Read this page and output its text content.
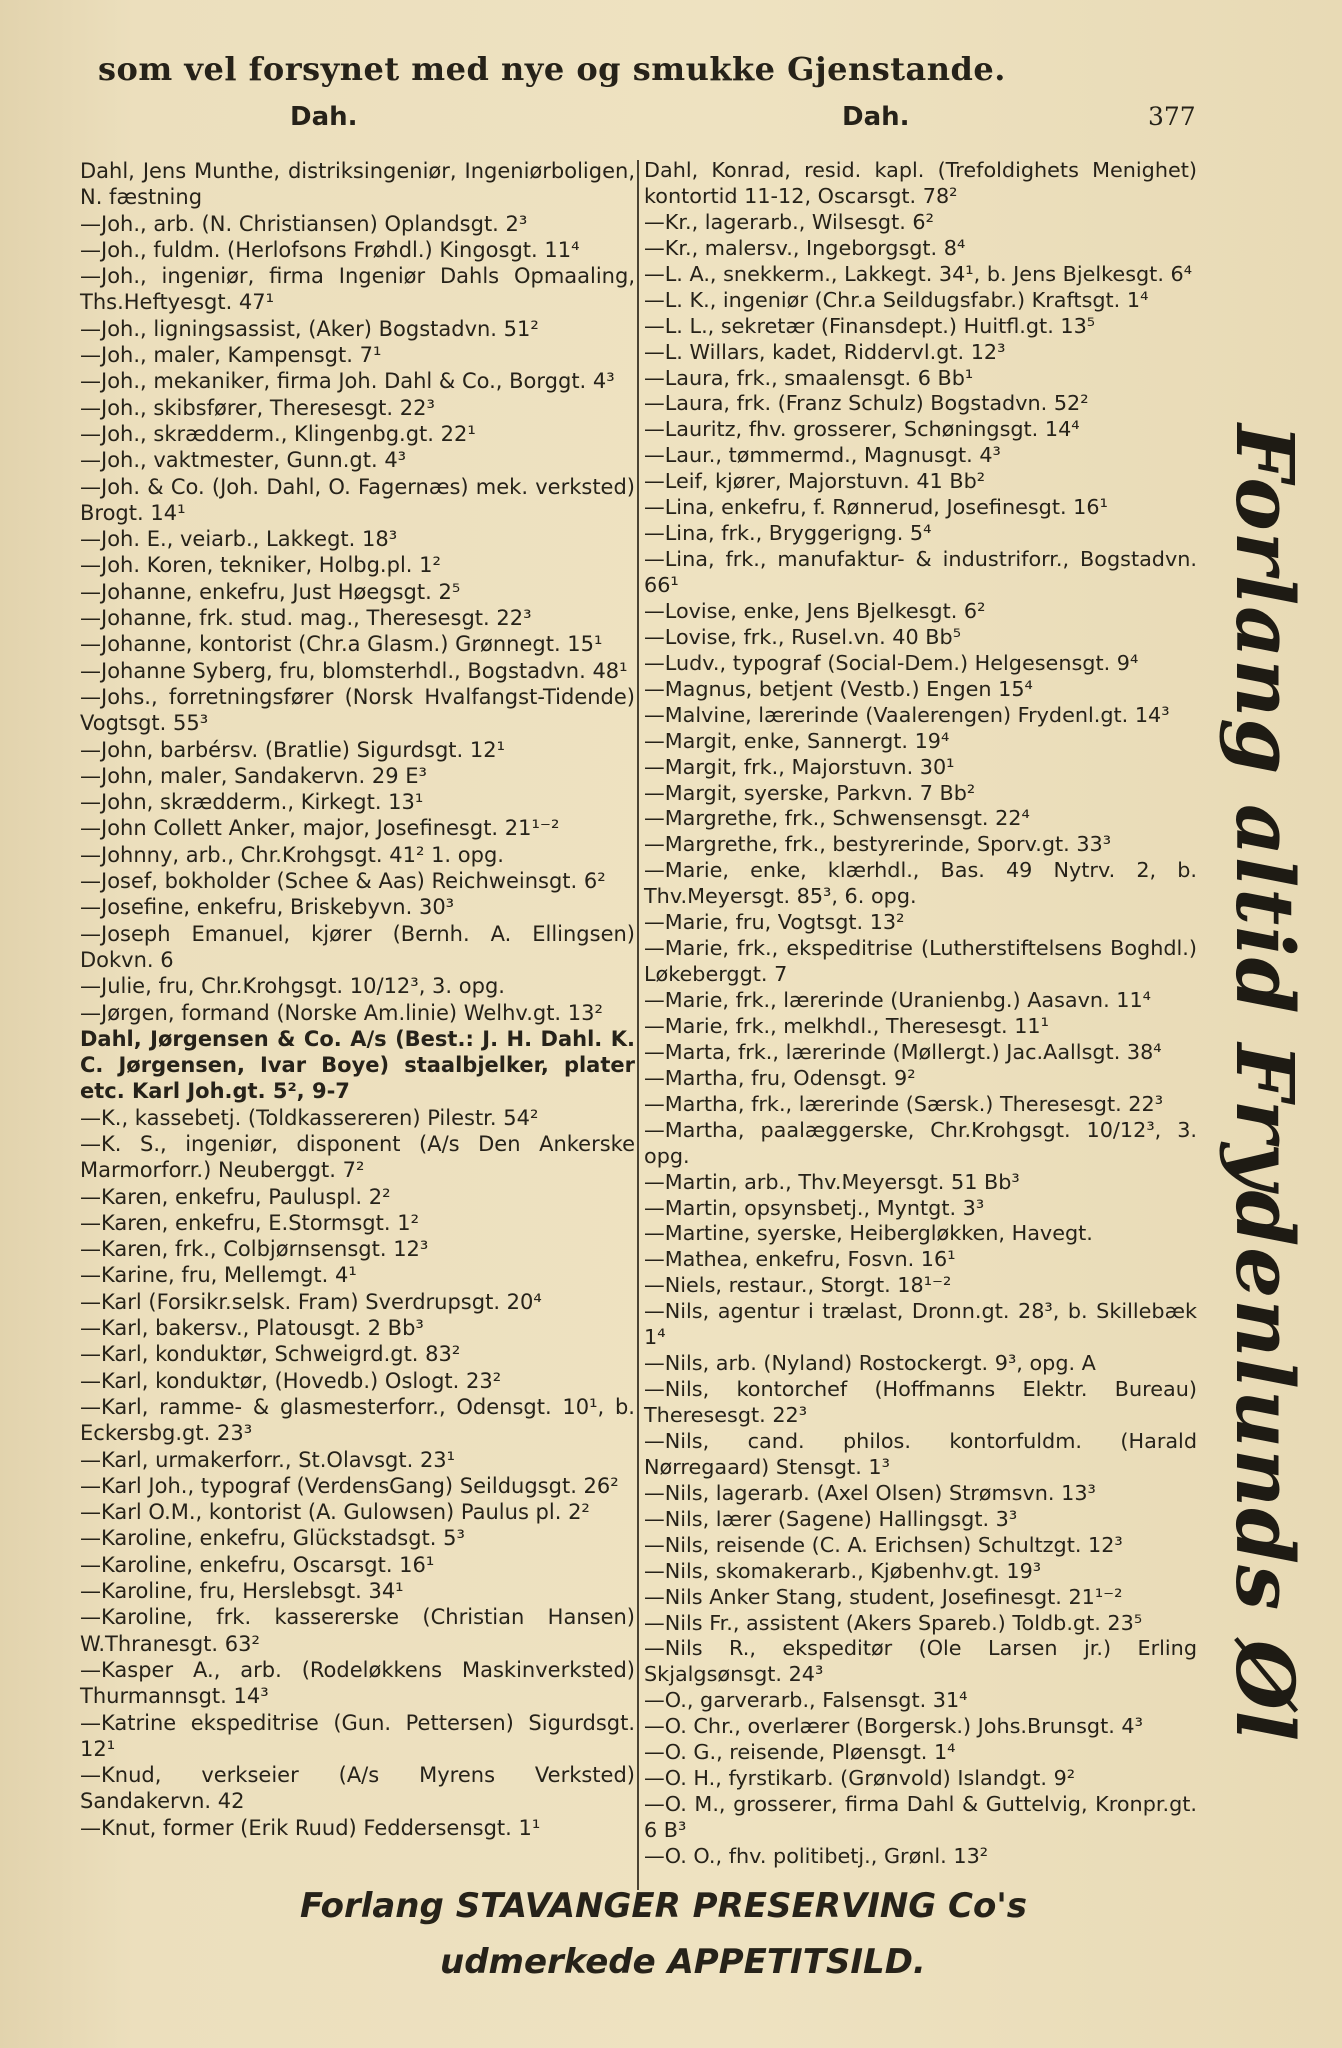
som vel forsynet med nye og smukke Gjenstande.
Dah.	Dah.	377
Dahl, Jens Munthe, distriksingeniør, Ingeniørboligen, N. fæstning
—Joh., arb. (N. Christiansen) Oplandsgt. 2³
—Joh., fuldm. (Herlofsons Frøhdl.) Kingosgt. 11⁴
—Joh., ingeniør, firma Ingeniør Dahls Opmaaling, Ths.Heftyesgt. 47¹
—Joh., ligningsassist, (Aker) Bogstadvn. 51²
—Joh., maler, Kampensgt. 7¹
—Joh., mekaniker, firma Joh. Dahl & Co., Borggt. 4³
—Joh., skibsfører, Theresesgt. 22³
—Joh., skrædderm., Klingenbg.gt. 22¹
—Joh., vaktmester, Gunn.gt. 4³
—Joh. & Co. (Joh. Dahl, O. Fagernæs) mek. verksted) Brogt. 14¹
—Joh. E., veiarb., Lakkegt. 18³
—Joh. Koren, tekniker, Holbg.pl. 1²
—Johanne, enkefru, Just Høegsgt. 2⁵
—Johanne, frk. stud. mag., Theresesgt. 22³
—Johanne, kontorist (Chr.a Glasm.) Grønnegt. 15¹
—Johanne Syberg, fru, blomsterhdl., Bogstadvn. 48¹
—Johs., forretningsfører (Norsk Hvalfangst-Tidende) Vogtsgt. 55³
—John, barbérsv. (Bratlie) Sigurdsgt. 12¹
—John, maler, Sandakervn. 29 E³
—John, skrædderm., Kirkegt. 13¹
—John Collett Anker, major, Josefinesgt. 21¹⁻²
—Johnny, arb., Chr.Krohgsgt. 41² 1. opg.
—Josef, bokholder (Schee & Aas) Reichweinsgt. 6²
—Josefine, enkefru, Briskebyvn. 30³
—Joseph Emanuel, kjører (Bernh. A. Ellingsen) Dokvn. 6
—Julie, fru, Chr.Krohgsgt. 10/12³, 3. opg.
—Jørgen, formand (Norske Am.linie) Welhv.gt. 13²
Dahl, Jørgensen & Co. A/s (Best.: J. H. Dahl. K. C. Jørgensen, Ivar Boye) staalbjelker, plater etc. Karl Joh.gt. 5², 9-7
—K., kassebetj. (Toldkassereren) Pilestr. 54²
—K. S., ingeniør, disponent (A/s Den Ankerske Marmorforr.) Neuberggt. 7²
—Karen, enkefru, Pauluspl. 2²
—Karen, enkefru, E.Stormsgt. 1²
—Karen, frk., Colbjørnsensgt. 12³
—Karine, fru, Mellemgt. 4¹
—Karl (Forsikr.selsk. Fram) Sverdrupsgt. 20⁴
—Karl, bakersv., Platousgt. 2 Bb³
—Karl, konduktør, Schweigrd.gt. 83²
—Karl, konduktør, (Hovedb.) Oslogt. 23²
—Karl, ramme- & glasmesterforr., Odensgt. 10¹, b. Eckersbg.gt. 23³
—Karl, urmakerforr., St.Olavsgt. 23¹
—Karl Joh., typograf (VerdensGang) Seildugsgt. 26²
—Karl O.M., kontorist (A. Gulowsen) Paulus pl. 2²
—Karoline, enkefru, Glückstadsgt. 5³
—Karoline, enkefru, Oscarsgt. 16¹
—Karoline, fru, Herslebsgt. 34¹
—Karoline, frk. kassererske (Christian Hansen) W.Thranesgt. 63²
—Kasper A., arb. (Rodeløkkens Maskinverksted) Thurmannsgt. 14³
—Katrine ekspeditrise (Gun. Pettersen) Sigurdsgt. 12¹
—Knud, verkseier (A/s Myrens Verksted) Sandakervn. 42
—Knut, former (Erik Ruud) Feddersensgt. 1¹
Dahl, Konrad, resid. kapl. (Trefoldighets Menighet) kontortid 11-12, Oscarsgt. 78²
—Kr., lagerarb., Wilsesgt. 6²
—Kr., malersv., Ingeborgsgt. 8⁴
—L. A., snekkerm., Lakkegt. 34¹, b. Jens Bjelkesgt. 6⁴
—L. K., ingeniør (Chr.a Seildugsfabr.) Kraftsgt. 1⁴
—L. L., sekretær (Finansdept.) Huitfl.gt. 13⁵
—L. Willars, kadet, Riddervl.gt. 12³
—Laura, frk., smaalensgt. 6 Bb¹
—Laura, frk. (Franz Schulz) Bogstadvn. 52²
—Lauritz, fhv. grosserer, Schøningsgt. 14⁴
—Laur., tømmermd., Magnusgt. 4³
—Leif, kjører, Majorstuvn. 41 Bb²
—Lina, enkefru, f. Rønnerud, Josefinesgt. 16¹
—Lina, frk., Bryggerigng. 5⁴
—Lina, frk., manufaktur- & industriforr., Bogstadvn. 66¹
—Lovise, enke, Jens Bjelkesgt. 6²
—Lovise, frk., Rusel.vn. 40 Bb⁵
—Ludv., typograf (Social-Dem.) Helgesensgt. 9⁴
—Magnus, betjent (Vestb.) Engen 15⁴
—Malvine, lærerinde (Vaalerengen) Frydenl.gt. 14³
—Margit, enke, Sannergt. 19⁴
—Margit, frk., Majorstuvn. 30¹
—Margit, syerske, Parkvn. 7 Bb²
—Margrethe, frk., Schwensensgt. 22⁴
—Margrethe, frk., bestyrerinde, Sporv.gt. 33³
—Marie, enke, klærhdl., Bas. 49 Nytrv. 2, b. Thv.Meyersgt. 85³, 6. opg.
—Marie, fru, Vogtsgt. 13²
—Marie, frk., ekspeditrise (Lutherstiftelsens Boghdl.) Løkeberggt. 7
—Marie, frk., lærerinde (Uranienbg.) Aasavn. 11⁴
—Marie, frk., melkhdl., Theresesgt. 11¹
—Marta, frk., lærerinde (Møllergt.) Jac.Aallsgt. 38⁴
—Martha, fru, Odensgt. 9²
—Martha, frk., lærerinde (Særsk.) Theresesgt. 22³
—Martha, paalæggerske, Chr.Krohgsgt. 10/12³, 3. opg.
—Martin, arb., Thv.Meyersgt. 51 Bb³
—Martin, opsynsbetj., Myntgt. 3³
—Martine, syerske, Heibergløkken, Havegt.
—Mathea, enkefru, Fosvn. 16¹
—Niels, restaur., Storgt. 18¹⁻²
—Nils, agentur i trælast, Dronn.gt. 28³, b. Skillebæk 1⁴
—Nils, arb. (Nyland) Rostockergt. 9³, opg. A
—Nils, kontorchef (Hoffmanns Elektr. Bureau) Theresesgt. 22³
—Nils, cand. philos. kontorfuldm. (Harald Nørregaard) Stensgt. 1³
—Nils, lagerarb. (Axel Olsen) Strømsvn. 13³
—Nils, lærer (Sagene) Hallingsgt. 3³
—Nils, reisende (C. A. Erichsen) Schultzgt. 12³
—Nils, skomakerarb., Kjøbenhv.gt. 19³
—Nils Anker Stang, student, Josefinesgt. 21¹⁻²
—Nils Fr., assistent (Akers Spareb.) Toldb.gt. 23⁵
—Nils R., ekspeditør (Ole Larsen jr.) Erling Skjalgsønsgt. 24³
—O., garverarb., Falsensgt. 31⁴
—O. Chr., overlærer (Borgersk.) Johs.Brunsgt. 4³
—O. G., reisende, Pløensgt. 1⁴
—O. H., fyrstikarb. (Grønvold) Islandgt. 9²
—O. M., grosserer, firma Dahl & Guttelvig, Kronpr.gt. 6 B³
—O. O., fhv. politibetj., Grønl. 13²
Forlang altid Frydenlunds Øl
Forlang STAVANGER PRESERVING Co's
udmerkede APPETITSILD.
